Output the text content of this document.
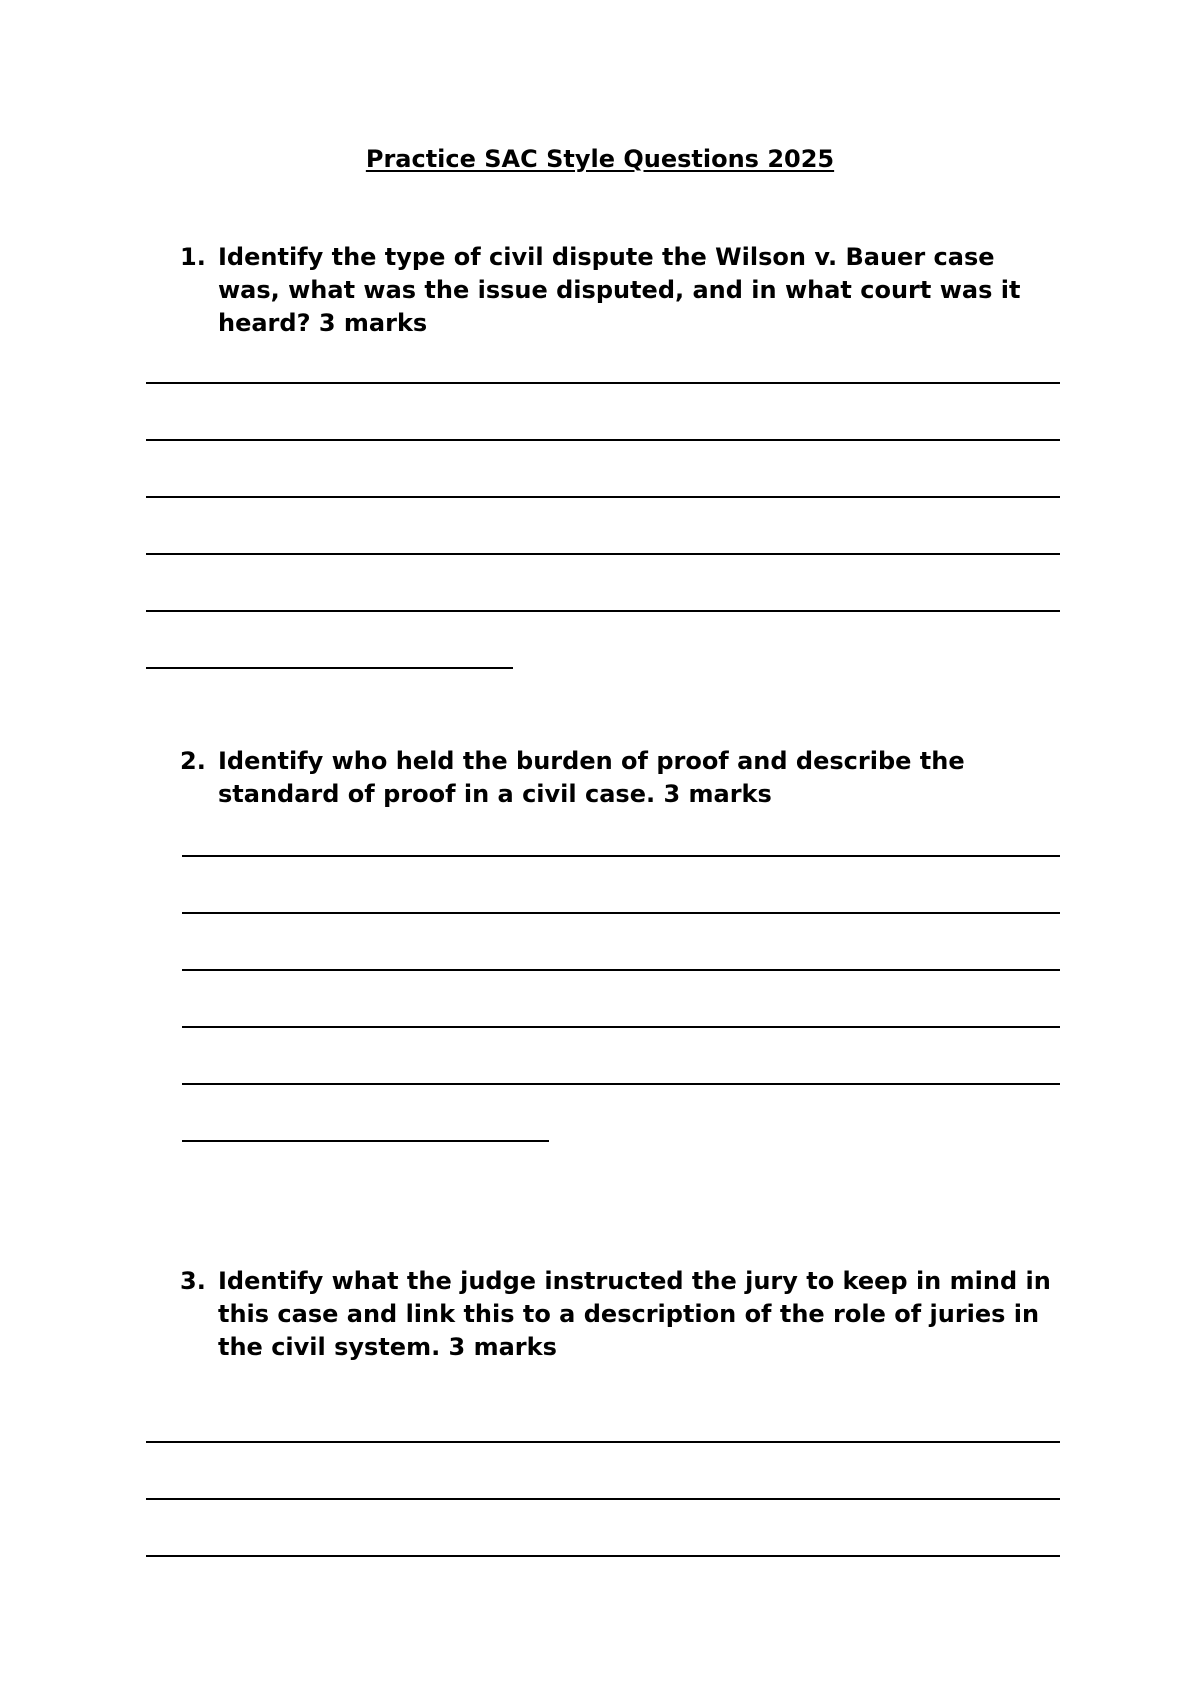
Practice SAC Style Questions 2025
1. Identify the type of civil dispute the Wilson v. Bauer case was, what was the issue disputed, and in what court was it heard? 3 marks
2. Identify who held the burden of proof and describe the standard of proof in a civil case. 3 marks
3. Identify what the judge instructed the jury to keep in mind in this case and link this to a description of the role of juries in the civil system. 3 marks
